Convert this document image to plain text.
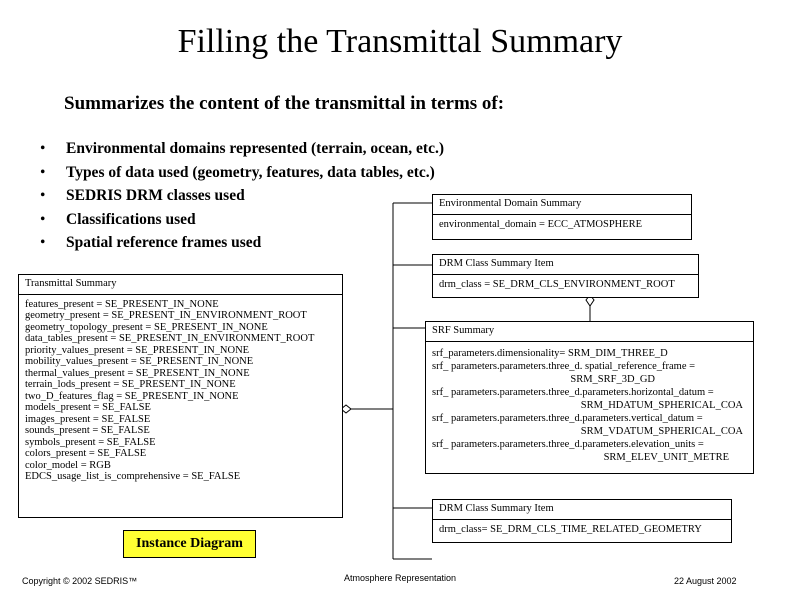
Filling the Transmittal Summary
Summarizes the content of the transmittal in terms of:
• Environmental domains represented (terrain, ocean, etc.)
• Types of data used (geometry, features, data tables, etc.)
• SEDRIS DRM classes used
• Classifications used
• Spatial reference frames used
Transmittal Summary
features_present = SE_PRESENT_IN_NONE
geometry_present = SE_PRESENT_IN_ENVIRONMENT_ROOT
geometry_topology_present = SE_PRESENT_IN_NONE
data_tables_present = SE_PRESENT_IN_ENVIRONMENT_ROOT
priority_values_present = SE_PRESENT_IN_NONE
mobility_values_present = SE_PRESENT_IN_NONE
thermal_values_present = SE_PRESENT_IN_NONE
terrain_lods_present = SE_PRESENT_IN_NONE
two_D_features_flag = SE_PRESENT_IN_NONE
models_present = SE_FALSE
images_present = SE_FALSE
sounds_present = SE_FALSE
symbols_present = SE_FALSE
colors_present = SE_FALSE
color_model = RGB
EDCS_usage_list_is_comprehensive = SE_FALSE
Environmental Domain Summary
environmental_domain = ECC_ATMOSPHERE
DRM Class Summary Item
drm_class = SE_DRM_CLS_ENVIRONMENT_ROOT
SRF Summary
srf_parameters.dimensionality= SRM_DIM_THREE_D
srf_ parameters.parameters.three_d. spatial_reference_frame =
SRM_SRF_3D_GD
srf_ parameters.parameters.three_d.parameters.horizontal_datum =
SRM_HDATUM_SPHERICAL_COA
srf_ parameters.parameters.three_d.parameters.vertical_datum =
SRM_VDATUM_SPHERICAL_COA
srf_ parameters.parameters.three_d.parameters.elevation_units =
SRM_ELEV_UNIT_METRE
DRM Class Summary Item
drm_class= SE_DRM_CLS_TIME_RELATED_GEOMETRY
Instance Diagram
Copyright © 2002 SEDRIS™	Atmosphere Representation	22 August 2002
